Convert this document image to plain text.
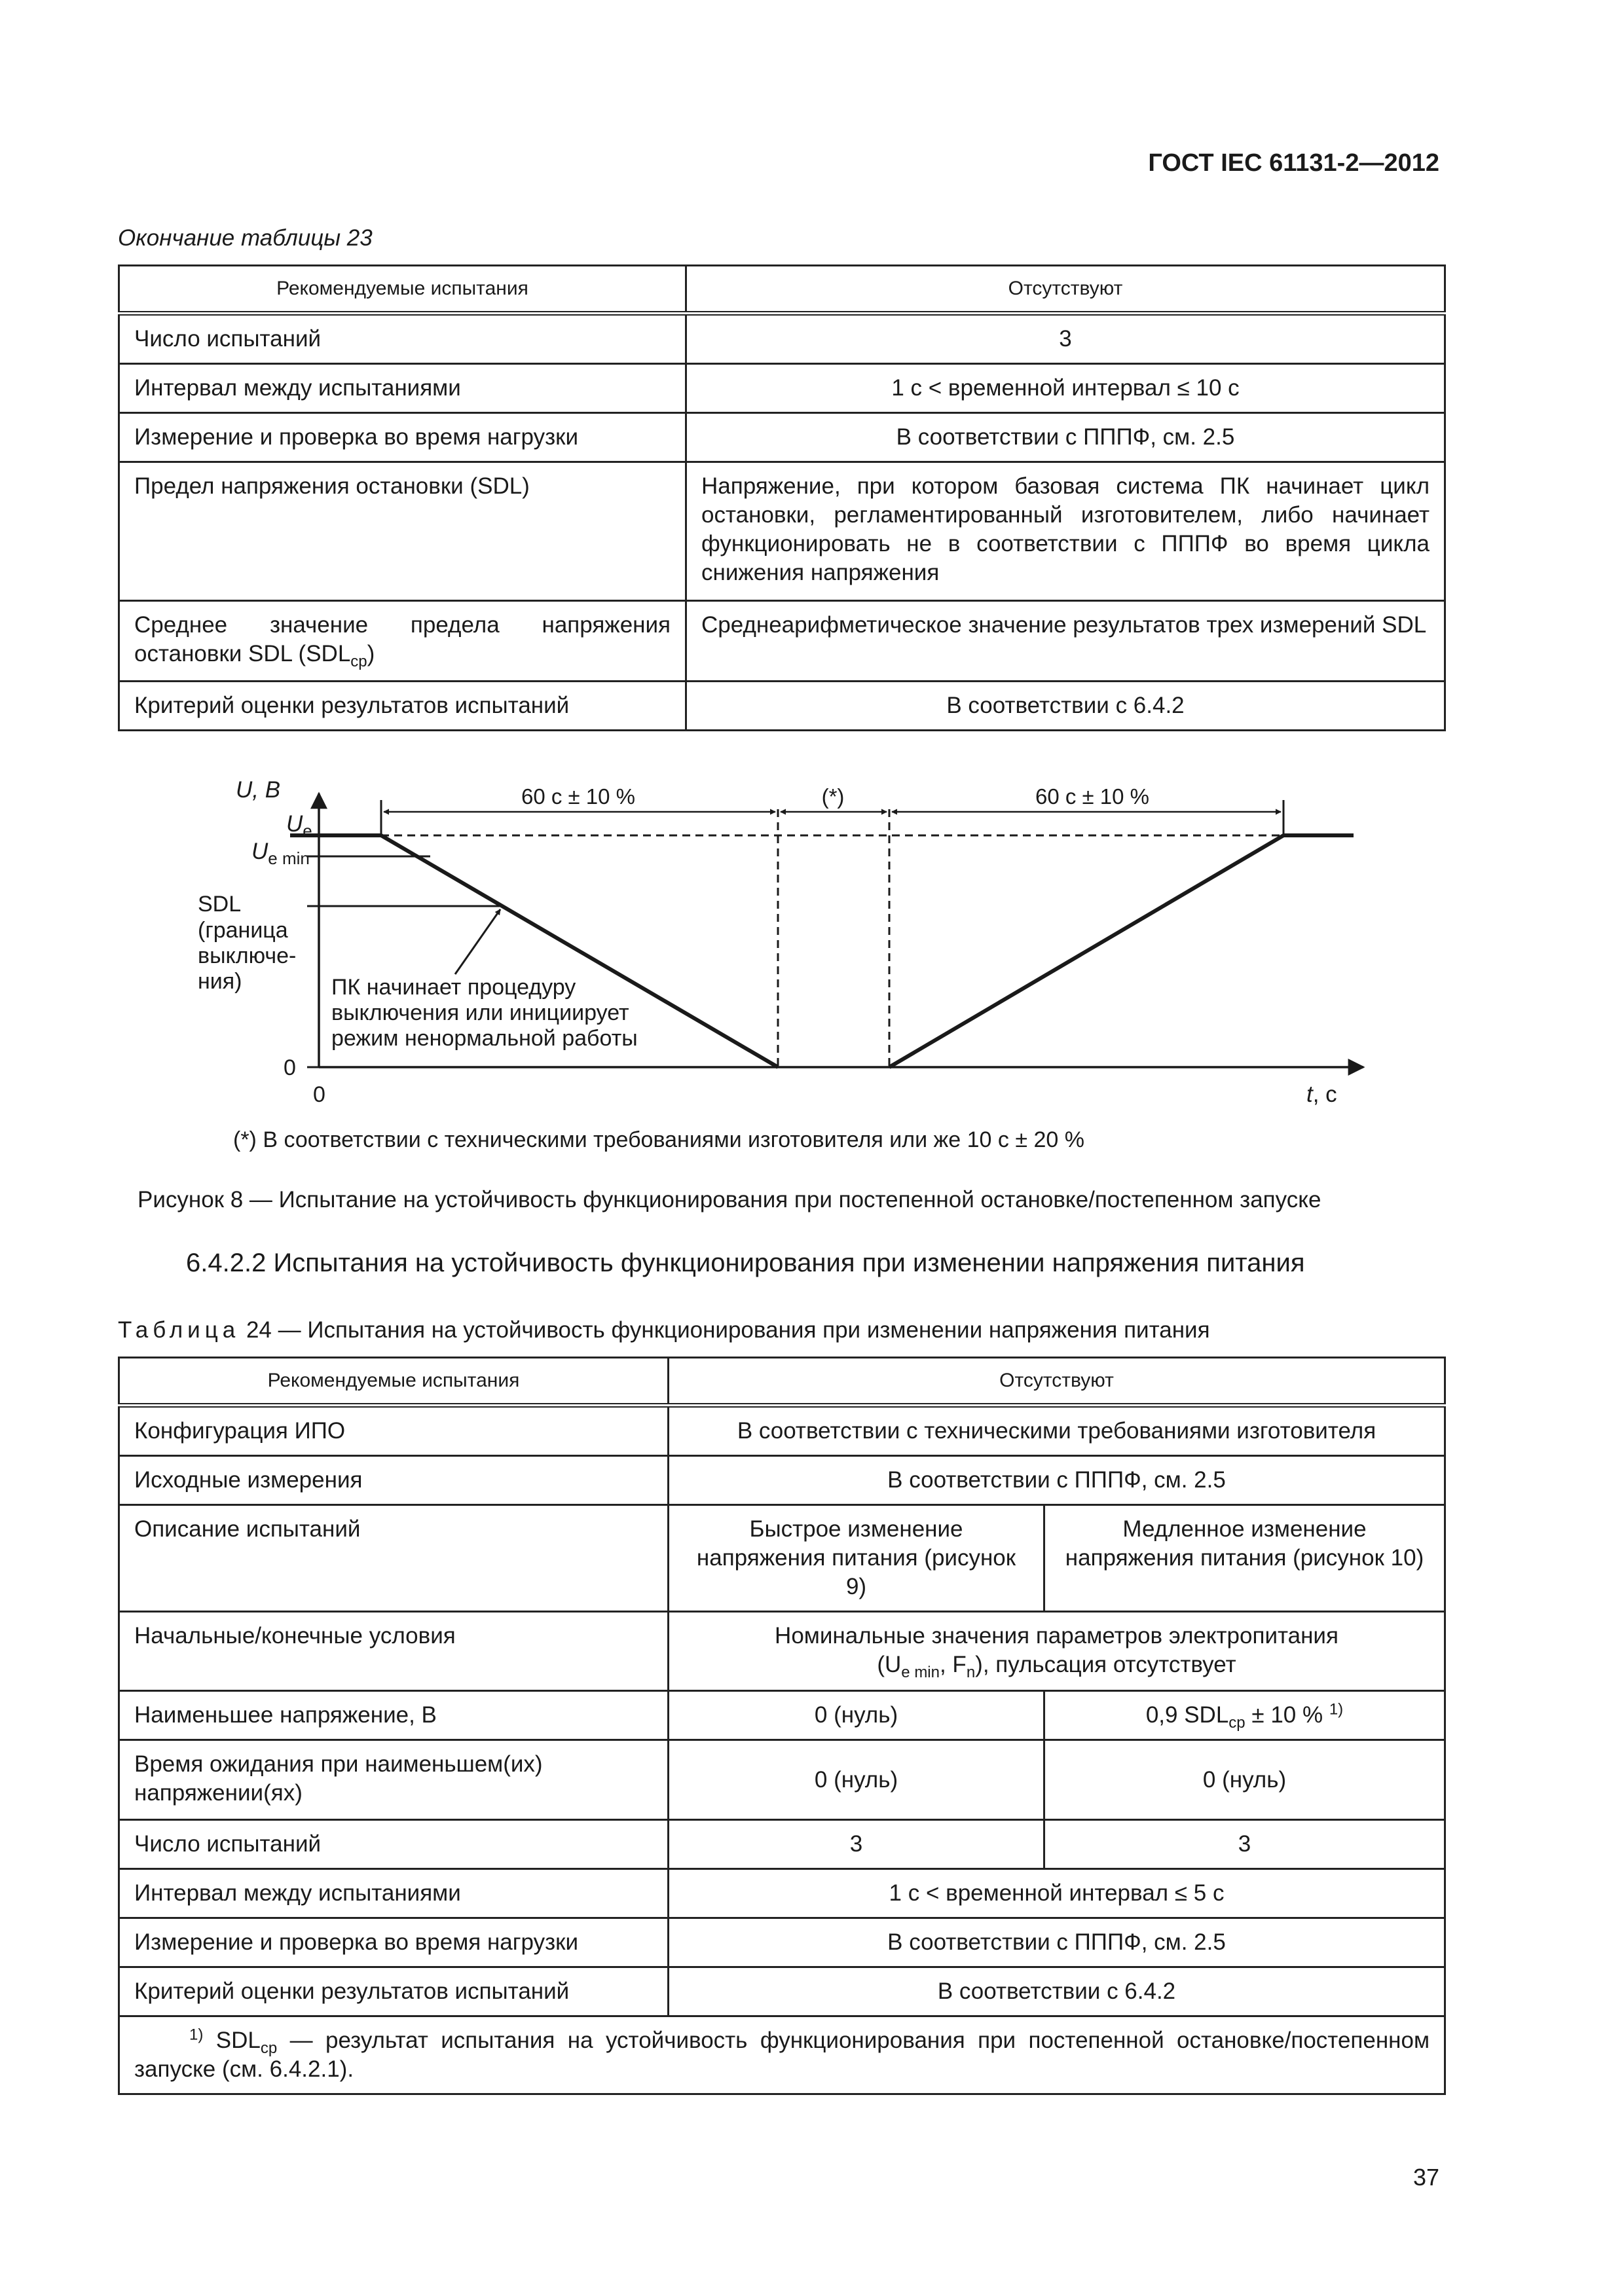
ГОСТ IEC 61131-2—2012
Окончание таблицы 23
Рекомендуемые испытания	Отсутствуют
Число испытаний	3
Интервал между испытаниями	1 с < временной интервал ≤ 10 с
Измерение и проверка во время нагрузки	В соответствии с ПППФ, см. 2.5
Предел напряжения остановки (SDL)	Напряжение, при котором базовая система ПК начинает цикл остановки, регламентированный изготовителем, либо начинает функционировать не в соответствии с ПППФ во время цикла снижения напряжения
Среднее значение предела напряжения остановки SDL $(SDL_{ср})$	Среднеарифметическое значение результатов трех измерений SDL
Критерий оценки результатов испытаний	В соответствии с 6.4.2
U, В
$U_e$
$U_{e min}$
SDL (граница выключе- ния)
0
0	t, с
60 с ± 10 %	(*)	60 с ± 10 %
ПК начинает процедуру выключения или инициирует режим ненормальной работы
(*) В соответствии с техническими требованиями изготовителя или же 10 с ± 20 %
Рисунок 8 — Испытание на устойчивость функционирования при постепенной остановке/постепенном запуске
6.4.2.2 Испытания на устойчивость функционирования при изменении напряжения питания
Таблица 24 — Испытания на устойчивость функционирования при изменении напряжения питания
Рекомендуемые испытания	Отсутствуют	
Конфигурация ИПО	В соответствии с техническими требованиями изготовителя	
Исходные измерения	В соответствии с ПППФ, см. 2.5	
Описание испытаний	Быстрое изменение напряжения питания (рисунок 9)	Медленное изменение напряжения питания (рисунок 10)
Начальные/конечные условия	Номинальные значения параметров электропитания
($U_{e min}$, $F_n$), пульсация отсутствует	
Наименьшее напряжение, В	0 (нуль)	0,9 $SDL_{ср} \pm 10$ % $^{1)}$
Время ожидания при наименьшем(их) напряжении(ях)	0 (нуль)	0 (нуль)
Число испытаний	3	3
Интервал между испытаниями	1 с < временной интервал ≤ 5 с	
Измерение и проверка во время нагрузки	В соответствии с ПППФ, см. 2.5	
Критерий оценки результатов испытаний	В соответствии с 6.4.2	
$^{1)}$ $SDL_{ср}$ — результат испытания на устойчивость функционирования при постепенной остановке/постепенном запуске (см. 6.4.2.1).		
37
